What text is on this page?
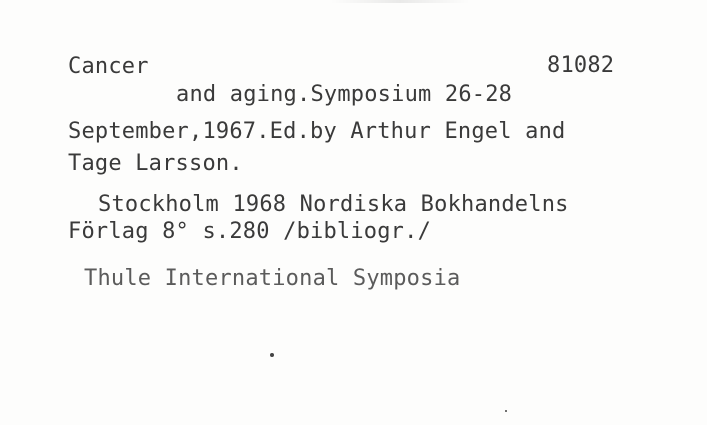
Cancer	81082
and aging.Symposium 26-28
September,1967.Ed.by Arthur Engel and
Tage Larsson.
Stockholm 1968 Nordiska Bokhandelns
Förlag 8° s.280 /bibliogr./
Thule International Symposia
